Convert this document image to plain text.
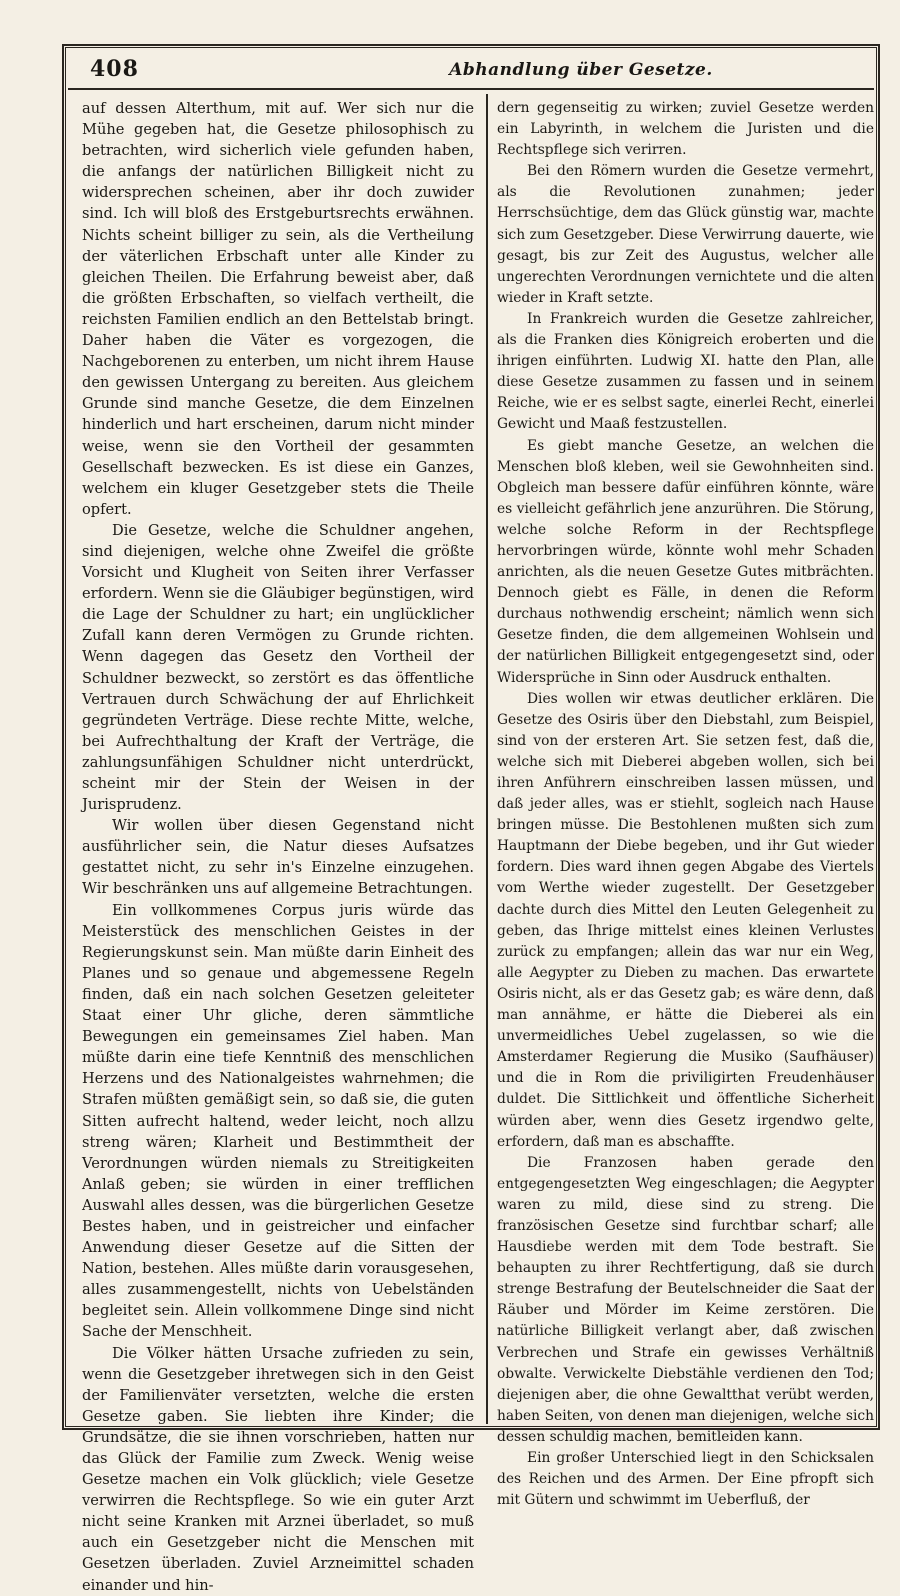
408	Abhandlung über Gesetze.

auf dessen Alterthum, mit auf. Wer sich nur die Mühe gegeben hat, die Gesetze philosophisch zu betrachten, wird sicherlich viele gefunden haben, die anfangs der natürlichen Billigkeit nicht zu widersprechen scheinen, aber ihr doch zuwider sind. Ich will bloß des Erstgeburtsrechts erwähnen. Nichts scheint billiger zu sein, als die Vertheilung der väterlichen Erbschaft unter alle Kinder zu gleichen Theilen. Die Erfahrung beweist aber, daß die größten Erbschaften, so vielfach vertheilt, die reichsten Familien endlich an den Bettelstab bringt. Daher haben die Väter es vorgezogen, die Nachgeborenen zu enterben, um nicht ihrem Hause den gewissen Untergang zu bereiten. Aus gleichem Grunde sind manche Gesetze, die dem Einzelnen hinderlich und hart erscheinen, darum nicht minder weise, wenn sie den Vortheil der gesammten Gesellschaft bezwecken. Es ist diese ein Ganzes, welchem ein kluger Gesetzgeber stets die Theile opfert.

Die Gesetze, welche die Schuldner angehen, sind diejenigen, welche ohne Zweifel die größte Vorsicht und Klugheit von Seiten ihrer Verfasser erfordern. Wenn sie die Gläubiger begünstigen, wird die Lage der Schuldner zu hart; ein unglücklicher Zufall kann deren Vermögen zu Grunde richten. Wenn dagegen das Gesetz den Vortheil der Schuldner bezweckt, so zerstört es das öffentliche Vertrauen durch Schwächung der auf Ehrlichkeit gegründeten Verträge. Diese rechte Mitte, welche, bei Aufrechthaltung der Kraft der Verträge, die zahlungsunfähigen Schuldner nicht unterdrückt, scheint mir der Stein der Weisen in der Jurisprudenz.

Wir wollen über diesen Gegenstand nicht ausführlicher sein, die Natur dieses Aufsatzes gestattet nicht, zu sehr in's Einzelne einzugehen. Wir beschränken uns auf allgemeine Betrachtungen.

Ein vollkommenes Corpus juris würde das Meisterstück des menschlichen Geistes in der Regierungskunst sein. Man müßte darin Einheit des Planes und so genaue und abgemessene Regeln finden, daß ein nach solchen Gesetzen geleiteter Staat einer Uhr gliche, deren sämmtliche Bewegungen ein gemeinsames Ziel haben. Man müßte darin eine tiefe Kenntniß des menschlichen Herzens und des Nationalgeistes wahrnehmen; die Strafen müßten gemäßigt sein, so daß sie, die guten Sitten aufrecht haltend, weder leicht, noch allzu streng wären; Klarheit und Bestimmtheit der Verordnungen würden niemals zu Streitigkeiten Anlaß geben; sie würden in einer trefflichen Auswahl alles dessen, was die bürgerlichen Gesetze Bestes haben, und in geistreicher und einfacher Anwendung dieser Gesetze auf die Sitten der Nation, bestehen. Alles müßte darin vorausgesehen, alles zusammengestellt, nichts von Uebelständen begleitet sein. Allein vollkommene Dinge sind nicht Sache der Menschheit.

Die Völker hätten Ursache zufrieden zu sein, wenn die Gesetzgeber ihretwegen sich in den Geist der Familienväter versetzten, welche die ersten Gesetze gaben. Sie liebten ihre Kinder; die Grundsätze, die sie ihnen vorschrieben, hatten nur das Glück der Familie zum Zweck. Wenig weise Gesetze machen ein Volk glücklich; viele Gesetze verwirren die Rechtspflege. So wie ein guter Arzt nicht seine Kranken mit Arznei überladet, so muß auch ein Gesetzgeber nicht die Menschen mit Gesetzen überladen. Zuviel Arzneimittel schaden einander und hin-

dern gegenseitig zu wirken; zuviel Gesetze werden ein Labyrinth, in welchem die Juristen und die Rechtspflege sich verirren.

Bei den Römern wurden die Gesetze vermehrt, als die Revolutionen zunahmen; jeder Herrschsüchtige, dem das Glück günstig war, machte sich zum Gesetzgeber. Diese Verwirrung dauerte, wie gesagt, bis zur Zeit des Augustus, welcher alle ungerechten Verordnungen vernichtete und die alten wieder in Kraft setzte.

In Frankreich wurden die Gesetze zahlreicher, als die Franken dies Königreich eroberten und die ihrigen einführten. Ludwig XI. hatte den Plan, alle diese Gesetze zusammen zu fassen und in seinem Reiche, wie er es selbst sagte, einerlei Recht, einerlei Gewicht und Maaß festzustellen.

Es giebt manche Gesetze, an welchen die Menschen bloß kleben, weil sie Gewohnheiten sind. Obgleich man bessere dafür einführen könnte, wäre es vielleicht gefährlich jene anzurühren. Die Störung, welche solche Reform in der Rechtspflege hervorbringen würde, könnte wohl mehr Schaden anrichten, als die neuen Gesetze Gutes mitbrächten. Dennoch giebt es Fälle, in denen die Reform durchaus nothwendig erscheint; nämlich wenn sich Gesetze finden, die dem allgemeinen Wohlsein und der natürlichen Billigkeit entgegengesetzt sind, oder Widersprüche in Sinn oder Ausdruck enthalten.

Dies wollen wir etwas deutlicher erklären. Die Gesetze des Osiris über den Diebstahl, zum Beispiel, sind von der ersteren Art. Sie setzen fest, daß die, welche sich mit Dieberei abgeben wollen, sich bei ihren Anführern einschreiben lassen müssen, und daß jeder alles, was er stiehlt, sogleich nach Hause bringen müsse. Die Bestohlenen mußten sich zum Hauptmann der Diebe begeben, und ihr Gut wieder fordern. Dies ward ihnen gegen Abgabe des Viertels vom Werthe wieder zugestellt. Der Gesetzgeber dachte durch dies Mittel den Leuten Gelegenheit zu geben, das Ihrige mittelst eines kleinen Verlustes zurück zu empfangen; allein das war nur ein Weg, alle Aegypter zu Dieben zu machen. Das erwartete Osiris nicht, als er das Gesetz gab; es wäre denn, daß man annähme, er hätte die Dieberei als ein unvermeidliches Uebel zugelassen, so wie die Amsterdamer Regierung die Musiko (Saufhäuser) und die in Rom die priviligirten Freudenhäuser duldet. Die Sittlichkeit und öffentliche Sicherheit würden aber, wenn dies Gesetz irgendwo gelte, erfordern, daß man es abschaffte.

Die Franzosen haben gerade den entgegengesetzten Weg eingeschlagen; die Aegypter waren zu mild, diese sind zu streng. Die französischen Gesetze sind furchtbar scharf; alle Hausdiebe werden mit dem Tode bestraft. Sie behaupten zu ihrer Rechtfertigung, daß sie durch strenge Bestrafung der Beutelschneider die Saat der Räuber und Mörder im Keime zerstören. Die natürliche Billigkeit verlangt aber, daß zwischen Verbrechen und Strafe ein gewisses Verhältniß obwalte. Verwickelte Diebstähle verdienen den Tod; diejenigen aber, die ohne Gewaltthat verübt werden, haben Seiten, von denen man diejenigen, welche sich dessen schuldig machen, bemitleiden kann.

Ein großer Unterschied liegt in den Schicksalen des Reichen und des Armen. Der Eine pfropft sich mit Gütern und schwimmt im Ueberfluß, der
